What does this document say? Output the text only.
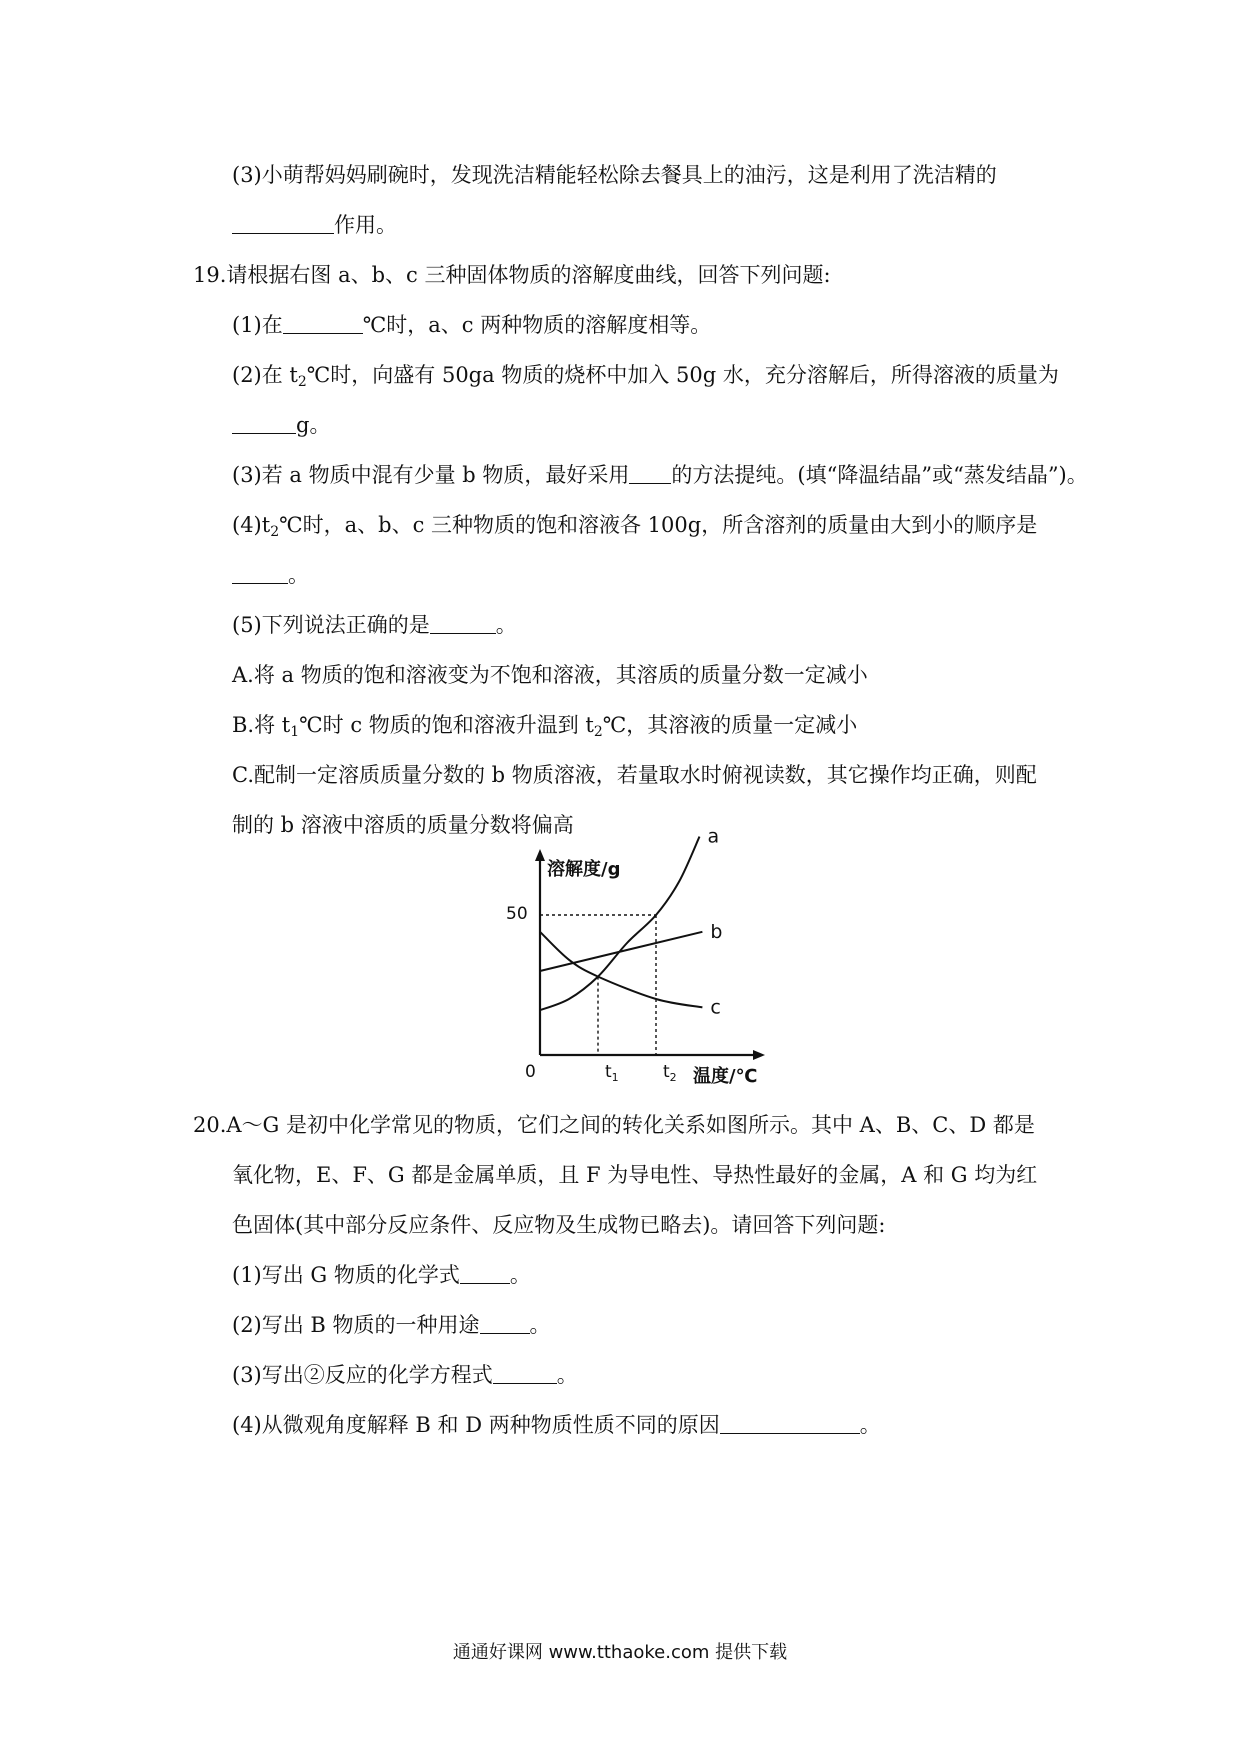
(3)小萌帮妈妈刷碗时，发现洗洁精能轻松除去餐具上的油污，这是利用了洗洁精的
作用。
19.请根据右图 a、b、c 三种固体物质的溶解度曲线，回答下列问题:
(1)在	℃时，a、c 两种物质的溶解度相等。
(2)在 $t_2℃$时，向盛有 50ga 物质的烧杯中加入 50g 水，充分溶解后，所得溶液的质量为
g。
(3)若 a 物质中混有少量 b 物质，最好采用 的方法提纯。(填“降温结晶”或“蒸发结晶”)。
$(4)t_2℃$时，a、b、c 三种物质的饱和溶液各 100g，所含溶剂的质量由大到小的顺序是
。
(5)下列说法正确的是	。
A.将 a 物质的饱和溶液变为不饱和溶液，其溶质的质量分数一定减小
B.将 $t_1℃$时 c 物质的饱和溶液升温到 $t_2℃$，其溶液的质量一定减小
C.配制一定溶质质量分数的 b 物质溶液，若量取水时俯视读数，其它操作均正确，则配
制的 b 溶液中溶质的质量分数将偏高	a
b
c
溶解度/g
温度/℃
0
50
$t_1$	$t_2$
20.A～G 是初中化学常见的物质，它们之间的转化关系如图所示。其中 A、B、C、D 都是
氧化物，E、F、G 都是金属单质，且 F 为导电性、导热性最好的金属，A 和 G 均为红
色固体(其中部分反应条件、反应物及生成物已略去)。请回答下列问题:
(1)写出 G 物质的化学式 。
(2)写出 B 物质的一种用途 。
(3)写出②反应的化学方程式	。
(4)从微观角度解释 B 和 D 两种物质性质不同的原因	。
通通好课网 www.tthaoke.com 提供下载
